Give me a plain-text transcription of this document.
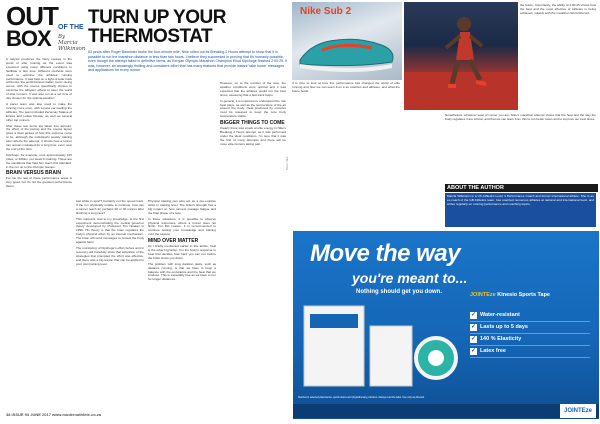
OUT OF THE
BOX	By Marcia Wilkinson
TURN UP YOUR THERMOSTAT
63 years after Roger Bannister broke the four-minute mile, Nike rolled out its Breaking 2 Hours attempt to show that it is possible to run the marathon distance in less than two hours. I believe they succeeded in proving that it's humanly possible, even though the attempt failed in definitive terms, as Kenyan Olympic Marathon Champion Eliud Kipchoge finished 2:00:25. It was, however, an amazingly thrilling and consistent effort that has many features that provide instant 'take home' messages and applications for every runner.
Nike Sub 2

A nalysis produces the likely causes in the world of elite running as the event was executed using many different conditions to facilitate a fast time. Different methods were used to optimise the athletes' running performance. It was held on a tight circular track at Monza, the world-famous Italian motor racing venue, with the course specifically chosen to minimise the athletes' efforts to steer the world of elite runners. It was also run at a set time of day chosen for the optimal weather.

A pacer team was also used to make the running more even, with a pace car leading the athletes. The team included Zersenay Tadese of Eritrea and Lelisa Desisa, as well as several other top runners.

After these two items are taken into account, the effect of the pacing and the course layout gives a clear picture of how this outcome came to be, although the individual's weekly training also reflects the attempt. It shows how a runner can remain motivated for a long time, even near the end of the race.

Kipchoge, for example, runs approximately 125 miles, or 200km, per week in training. These are the conditions that help him reach this standard, in the run up to the Olympic Games.

BRAIN VERSUS BRAIN

For me the last of these performance areas is very good, but it's not the greatest performance factor.

fuel while in sport? Certainly not the speed track. If the run physically unable to continue, how can a runner reach for perhaps 20 or 30 metres after finishing a long race?

This supports, and to my knowledge, is the first experiment demonstrating the central governor theory developed by Professor Tim Noakes in 1996. His theory is that the brain regulates the body's physical effort by an internal mechanism. The brain will send messages to protect the body against harm.

The monitoring of Kipchoge's effort before and in recovery will hopefully show that activation of the strategies that prompted the effort was effective, and there was a big lesson that can be applied to your own training level.

Physical training can also act as a pre-emptive strike in training level. The brain's strength has a big impact on how runners manage fatigue and the final phase of a race.

In these situations, it is possible to observe physical responses, where a runner does not finish. For this reason, it is recommended to continue testing your knowledge and training over the season.

MIND OVER MATTER

As I briefly mentioned earlier in this article, heat is the other big factor. It is the body's response to heat that decides how hard you can run before the brain slows you down.

The problem with long duration tasks, such as distance running, is that we have to keep a balance with the endurance and the heat that we produce. This is especially true as we have to run for longer distances.

However, on to the number of the race, the weather conditions were optimal and it was expected that the athletes would run the best times, assuming that a fast track helps.

In general, it is important to understand the role heat plays, as well as the temperature of the air around the body. Heat produced by muscles must be released to keep the core body temperature stable.

BIGGER THINGS TO COME

Clearly there was a lack of elite energy in Nike's Breaking 2 Hours attempt, as it was performed under the ideal conditions. I'm sure that it was the first of many attempts and there will be more elite runners taking part.

It is time to look at how this performance has changed the world of elite running and how we can learn from it as coaches and athletes, and what the future holds.

the future. Importantly, the ability of 2:00:25 shows how the best and the most effective of athletes is being achieved, notably with the marathon World Record.

Nonetheless, whatever level of runner you are, Nike's marathon attempt shows that the heat and the way the body regulates it are critical, and that we can learn from this to run better races and to improve our best times.

Photo: Nike
ABOUT THE AUTHOR
Marcia Wilkinson is a UK Athletics Level 4 Performance Coach and former international athlete. She is an ex-coach of the GB Athletics team, has coached numerous athletes at national and international level, and writes regularly on running performance and coaching topics.
Move the way
you're meant to...
Nothing should get you down.	JOINTEze Kinesio Sports Tape
✓ Water-resistant
✓ Lasts up to 5 days
✓ 140 % Elasticity
✓ Latex free
Stocked in selected pharmacies, sports stores and physiotherapy practices. Always read the label. Use only as directed.
JOINTEze
38 ISSUE 93 JUNE 2017 www.modernathlete.co.za
